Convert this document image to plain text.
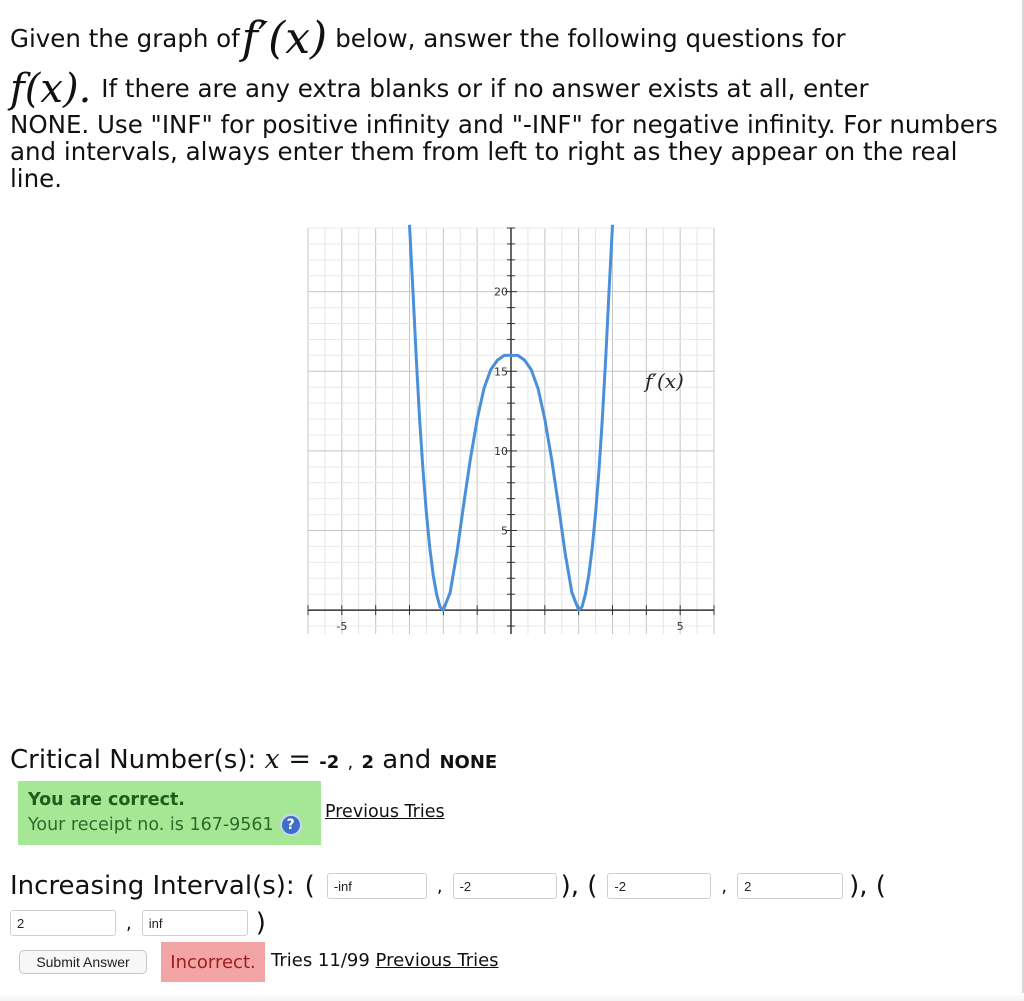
Given the graph of f′(x) below, answer the following questions for
f(x). If there are any extra blanks or if no answer exists at all, enter
NONE. Use "INF" for positive infinity and "-INF" for negative infinity. For numbers and intervals, always enter them from left to right as they appear on the real line.
-5	5
5
10
15
20
f′(x)
Critical Number(s): x = -2 , 2 and NONE
You are correct.
Your receipt no. is 167-9561 ?
Previous Tries
Increasing Interval(s): (	-inf	,	-2	), (	-2	,	2	), (
2	,	inf	)
Submit Answer	Incorrect. Tries 11/99 Previous Tries
